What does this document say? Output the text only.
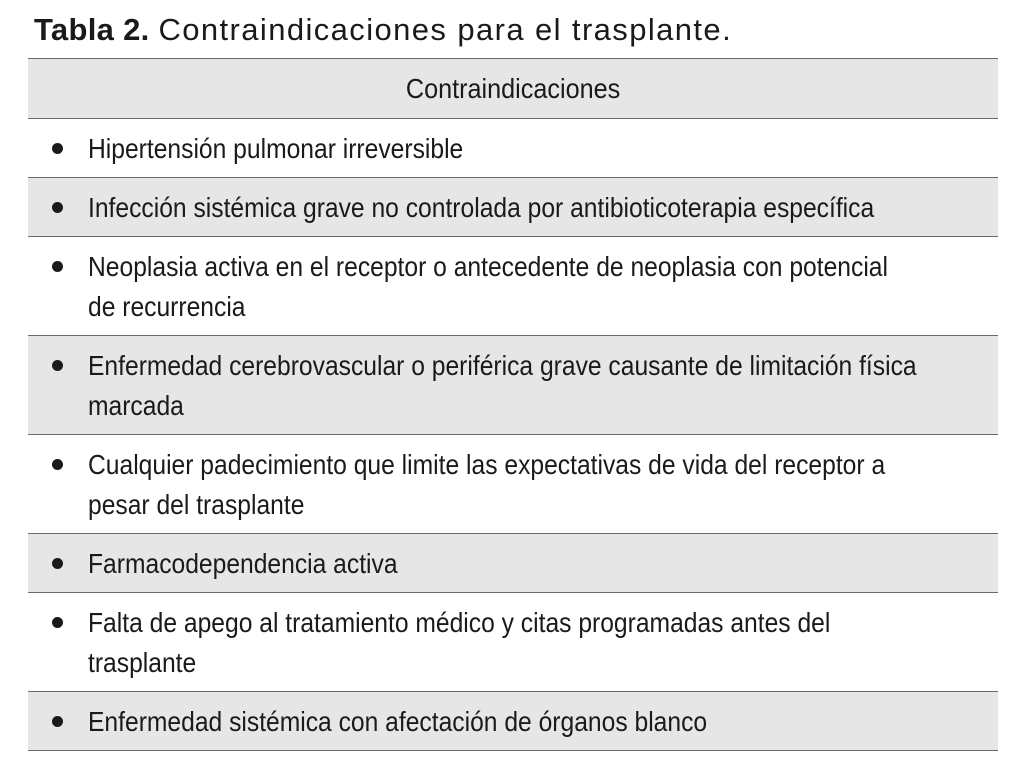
Tabla 2. Contraindicaciones para el trasplante.
Contraindicaciones
Hipertensión pulmonar irreversible
Infección sistémica grave no controlada por antibioticoterapia específica
Neoplasia activa en el receptor o antecedente de neoplasia con potencial
de recurrencia
Enfermedad cerebrovascular o periférica grave causante de limitación física
marcada
Cualquier padecimiento que limite las expectativas de vida del receptor a
pesar del trasplante
Farmacodependencia activa
Falta de apego al tratamiento médico y citas programadas antes del
trasplante
Enfermedad sistémica con afectación de órganos blanco
